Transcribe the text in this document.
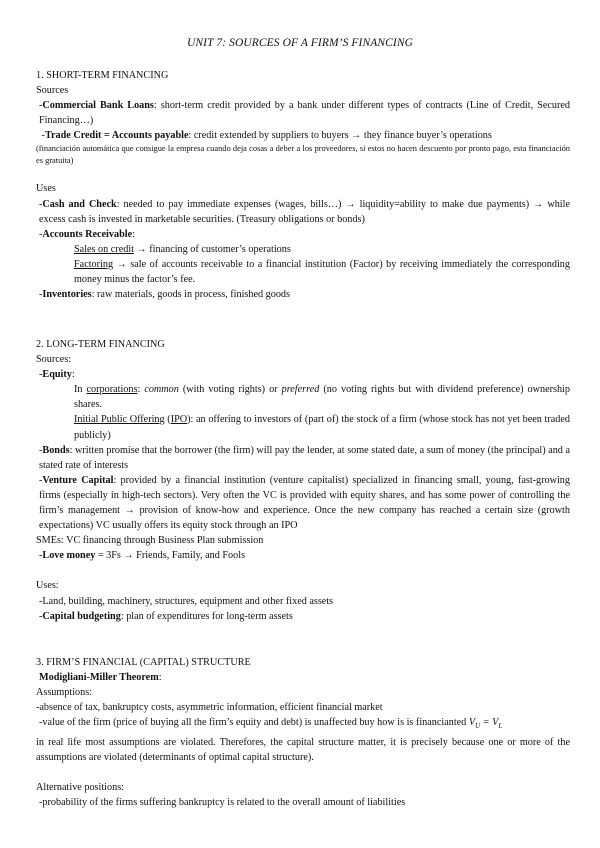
UNIT 7: SOURCES OF A FIRM’S FINANCING

1. SHORT-TERM FINANCING

Sources

-Commercial Bank Loans: short-term credit provided by a bank under different types of contracts (Line of Credit, Secured Financing…)

-Trade Credit = Accounts payable: credit extended by suppliers to buyers → they finance buyer’s operations

(financiación automática que consigue la empresa cuando deja cosas a deber a los proveedores, si estos no hacen descuento por pronto pago, esta financiación es gratuita)

Uses

-Cash and Check: needed to pay immediate expenses (wages, bills…) → liquidity=ability to make due payments) → while excess cash is invested in marketable securities. (Treasury obligations or bonds)

-Accounts Receivable:

Sales on credit → financing of customer’s operations

Factoring → sale of accounts receivable to a financial institution (Factor) by receiving immediately the corresponding money minus the factor’s fee.

-Inventories: raw materials, goods in process, finished goods

2. LONG-TERM FINANCING

Sources:

-Equity:

In corporations: common (with voting rights) or preferred (no voting rights but with dividend preference) ownership shares.

Initial Public Offering (IPO): an offering to investors of (part of) the stock of a firm (whose stock has not yet been traded publicly)

-Bonds: written promise that the borrower (the firm) will pay the lender, at some stated date, a sum of money (the principal) and a stated rate of interests

-Venture Capital: provided by a financial institution (venture capitalist) specialized in financing small, young, fast-growing firms (especially in high-tech sectors). Very often the VC is provided with equity shares, and has some power of controlling the firm’s management → provision of know-how and experience. Once the new company has reached a certain size (growth expectations) VC usually offers its equity stock through an IPO

SMEs: VC financing through Business Plan submission

-Love money = 3Fs → Friends, Family, and Fools

Uses:

-Land, building, machinery, structures, equipment and other fixed assets

-Capital budgeting: plan of expenditures for long-term assets

3. FIRM’S FINANCIAL (CAPITAL) STRUCTURE

Modigliani-Miller Theorem:

Assumptions:

-absence of tax, bankruptcy costs, asymmetric information, efficient financial market

-value of the firm (price of buying all the firm’s equity and debt) is unaffected buy how is is financianted $V_U = V_L$

in real life most assumptions are violated. Therefores, the capital structure matter, it is precisely because one or more of the assumptions are violated (determinants of optimal capital structure).

Alternative positions:

-probability of the firms suffering bankruptcy is related to the overall amount of liabilities
